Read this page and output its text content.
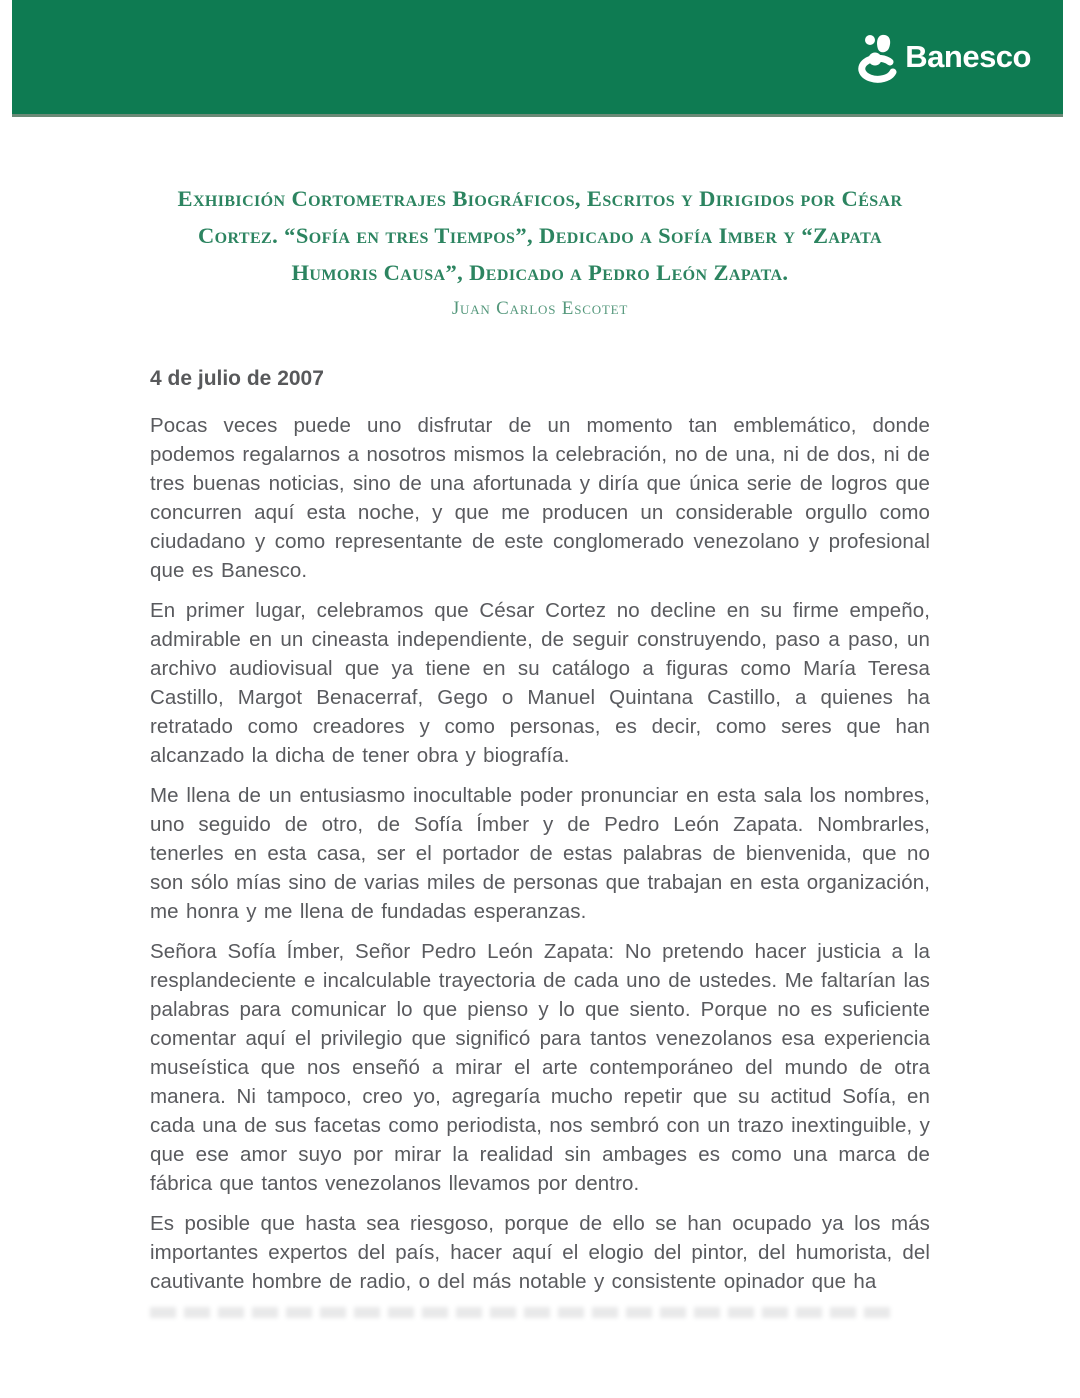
Banesco
Exhibición Cortometrajes Biográficos, Escritos y Dirigidos por César
Cortez. “Sofía en tres Tiempos”, Dedicado a Sofía Imber y “Zapata
Humoris Causa”, Dedicado a Pedro León Zapata.
Juan Carlos Escotet
4 de julio de 2007

Pocas veces puede uno disfrutar de un momento tan emblemático, donde podemos regalarnos a nosotros mismos la celebración, no de una, ni de dos, ni de tres buenas noticias, sino de una afortunada y diría que única serie de logros que concurren aquí esta noche, y que me producen un considerable orgullo como ciudadano y como representante de este conglomerado venezolano y profesional que es Banesco.

En primer lugar, celebramos que César Cortez no decline en su firme empeño, admirable en un cineasta independiente, de seguir construyendo, paso a paso, un archivo audiovisual que ya tiene en su catálogo a figuras como María Teresa Castillo, Margot Benacerraf, Gego o Manuel Quintana Castillo, a quienes ha retratado como creadores y como personas, es decir, como seres que han alcanzado la dicha de tener obra y biografía.

Me llena de un entusiasmo inocultable poder pronunciar en esta sala los nombres, uno seguido de otro, de Sofía Ímber y de Pedro León Zapata. Nombrarles, tenerles en esta casa, ser el portador de estas palabras de bienvenida, que no son sólo mías sino de varias miles de personas que trabajan en esta organización, me honra y me llena de fundadas esperanzas.

Señora Sofía Ímber, Señor Pedro León Zapata: No pretendo hacer justicia a la resplandeciente e incalculable trayectoria de cada uno de ustedes. Me faltarían las palabras para comunicar lo que pienso y lo que siento. Porque no es suficiente comentar aquí el privilegio que significó para tantos venezolanos esa experiencia museística que nos enseñó a mirar el arte contemporáneo del mundo de otra manera. Ni tampoco, creo yo, agregaría mucho repetir que su actitud Sofía, en cada una de sus facetas como periodista, nos sembró con un trazo inextinguible, y que ese amor suyo por mirar la realidad sin ambages es como una marca de fábrica que tantos venezolanos llevamos por dentro.

Es posible que hasta sea riesgoso, porque de ello se han ocupado ya los más importantes expertos del país, hacer aquí el elogio del pintor, del humorista, del cautivante hombre de radio, o del más notable y consistente opinador que ha
